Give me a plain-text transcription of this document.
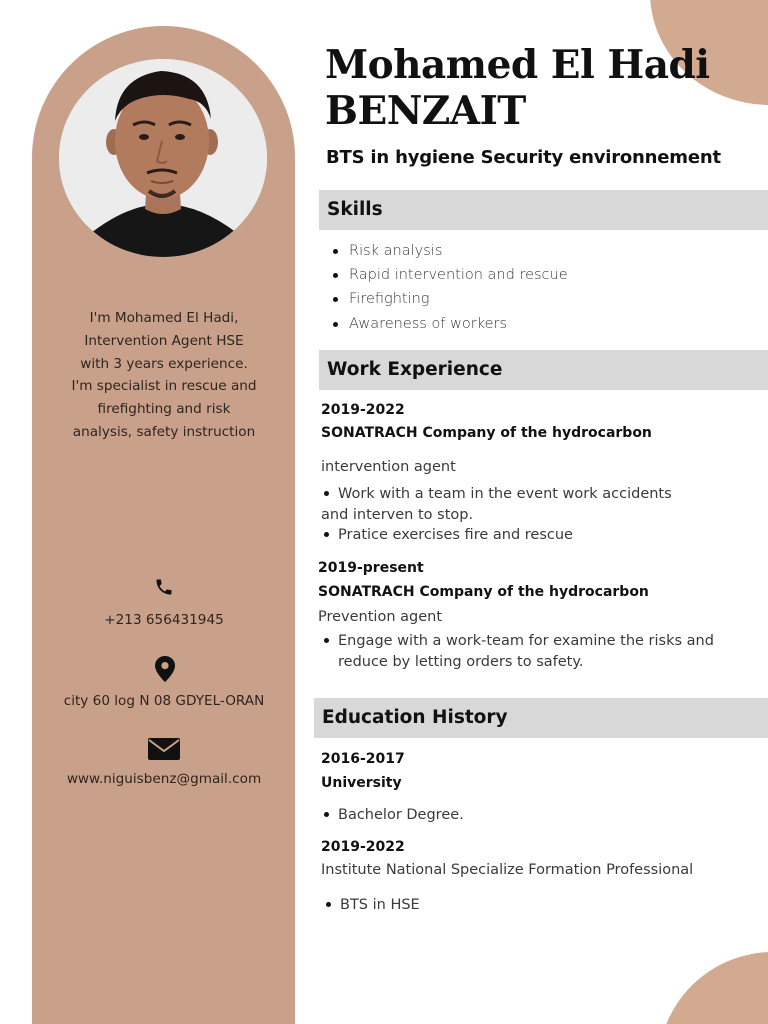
I'm Mohamed El Hadi,
Intervention Agent HSE
with 3 years experience.
I'm specialist in rescue and
firefighting and risk
analysis, safety instruction
+213 656431945
city 60 log N 08 GDYEL-ORAN
www.niguisbenz@gmail.com
Mohamed El Hadi
BENZAIT
BTS in hygiene Security environnement
Skills
Risk analysis
Rapid intervention and rescue
Firefighting
Awareness of workers
Work Experience
2019-2022
SONATRACH Company of the hydrocarbon
intervention agent
Work with a team in the event work accidents
and interven to stop.
Pratice exercises fire and rescue
2019-present
SONATRACH Company of the hydrocarbon
Prevention agent
Engage with a work-team for examine the risks and
reduce by letting orders to safety.
Education History
2016-2017
University
Bachelor Degree.
2019-2022
Institute National Specialize Formation Professional
BTS in HSE
